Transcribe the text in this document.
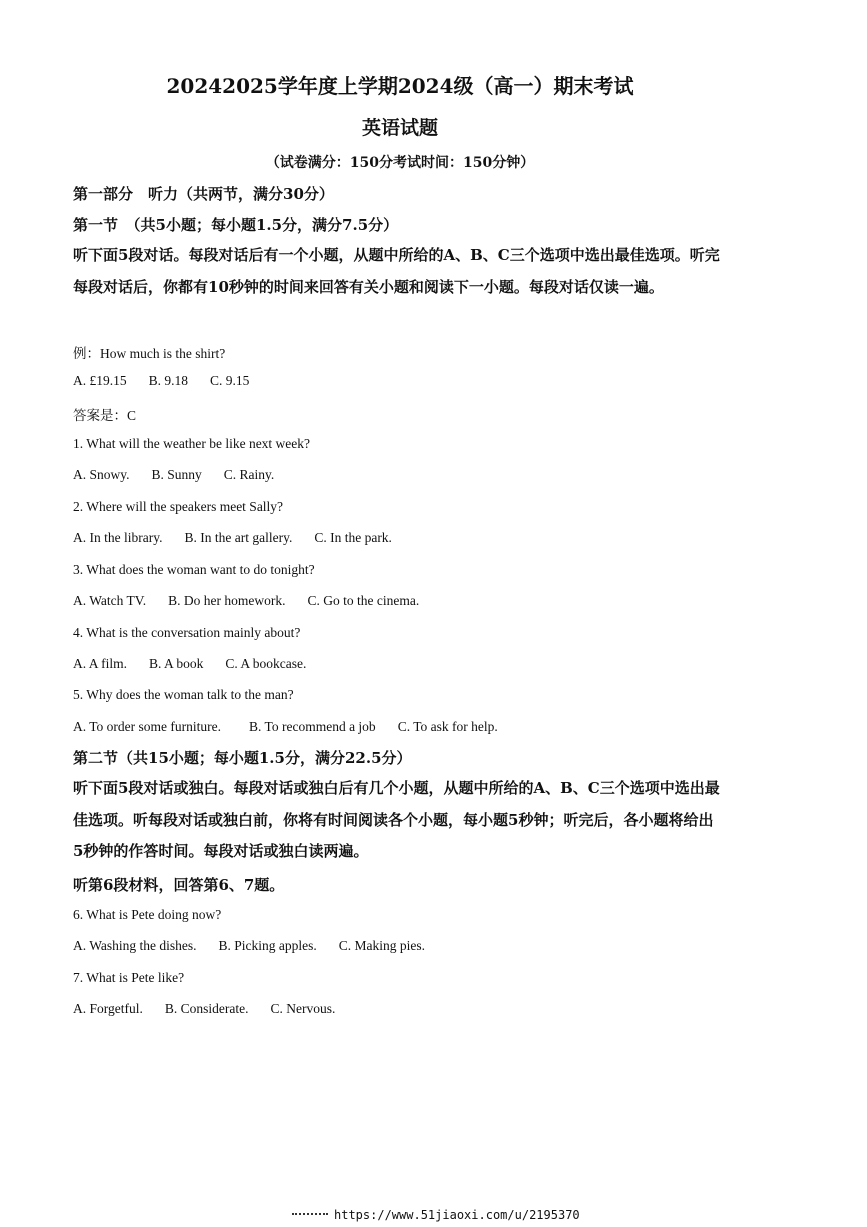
20242025学年度上学期2024级（高一）期末考试
英语试题
（试卷满分：150分考试时间：150分钟）
第一部分　听力（共两节，满分30分）
第一节　（共5小题；每小题1.5分，满分7.5分）
听下面5段对话。每段对话后有一个小题，从题中所给的A、B、C三个选项中选出最佳选项。听完每段对话后，你都有10秒钟的时间来回答有关小题和阅读下一小题。每段对话仅读一遍。
例：How much is the shirt?
A. £19.15 B. 9.18 C. 9.15
答案是：C
1. What will the weather be like next week?
A. Snowy. B. Sunny C. Rainy.
2. Where will the speakers meet Sally?
A. In the library. B. In the art gallery. C. In the park.
3. What does the woman want to do tonight?
A. Watch TV. B. Do her homework. C. Go to the cinema.
4. What is the conversation mainly about?
A. A film. B. A book C. A bookcase.
5. Why does the woman talk to the man?
A. To order some furniture. B. To recommend a job C. To ask for help.
第二节（共15小题；每小题1.5分，满分22.5分）
听下面5段对话或独白。每段对话或独白后有几个小题，从题中所给的A、B、C三个选项中选出最佳选项。听每段对话或独白前，你将有时间阅读各个小题，每小题5秒钟；听完后，各小题将给出5秒钟的作答时间。每段对话或独白读两遍。
听第6段材料，回答第6、7题。
6. What is Pete doing now?
A. Washing the dishes. B. Picking apples. C. Making pies.
7. What is Pete like?
A. Forgetful. B. Considerate. C. Nervous.
https://www.51jiaoxi.com/u/2195370
